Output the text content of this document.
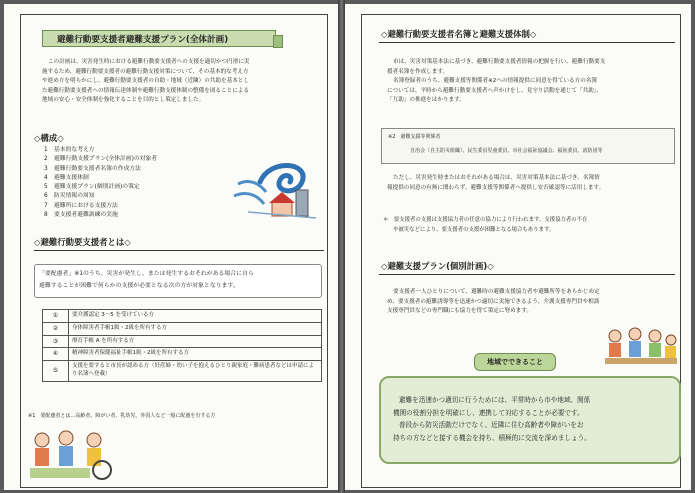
避難行動要支援者避難支援プラン(全体計画)

この計画は、災害発生時における避難行動要支援者への支援を適切かつ円滑に実

施するため、避難行動要支援者の避難行動支援対策について、その基本的な考え方

や進め方を明らかにし、避難行動要支援者の自助・地域（近隣）の共助を基本とし

た避難行動要支援者への情報伝達体制や避難行動支援体制の整備を図ることによる

地域の安心・安全体制を強化することを目的とし策定しました。

◇構成◇
1 基本的な考え方
2 避難行動支援プラン(全体計画)の対象者
3 避難行動要支援者名簿の作成方法
4 避難支援体制
5 避難支援プラン(個別計画)の策定
6 防災情報の周知
7 避難所における支援方法
8 要支援者避難訓練の実施
◇避難行動要支援者とは◇

「要配慮者」※1のうち、災害が発生し、または発生するおそれがある場合に自ら

避難することが困難で何らかの支援が必要となる次の方が対象となります。

①	要介護認定 3～5 を受けている方
②	身体障害者手帳1級・2級を所有する方
③	療育手帳 A を所有する方
④	精神障害者保健福祉手帳1級・2級を所有する方
⑤	支援を要すると市長が認める方（妊産婦・幼い子を抱えるひとり親家庭・難病患者などは申請により名簿へ登載）
※1　要配慮者とは…高齢者、障がい者、乳幼児、外国人など一般に配慮を有する方
◇避難行動要支援者名簿と避難支援体制◇

市は、災害対策基本法に基づき、避難行動要支援者情報の把握を行い、避難行動要支

援者名簿を作成します。

名簿登録者のうち、避難支援等関係者※2への情報提供に同意を得ている方の名簿

については、平時から避難行動要支援者へ声かけをし、見守り活動を通じて「共助」、

「互助」の推進をはかります。

※2　避難支援等関係者
自治会（自主防災組織）、民生委員児童委員、市社会福祉協議会、福祉委員、消防団等

ただし、災害発生時またはおそれがある場合は、災害対策基本法に基づき、名簿情

報提供の同意の有無に関わらず、避難支援等関係者へ提供し安否確認等に活用します。

＊　要支援者の支援は支援協力者の任意の協力により行われます。支援協力者の不在

や被災などにより、要支援者の支援が困難となる場合もあります。

◇避難支援プラン(個別計画)◇

要支援者一人ひとりについて、避難時の避難支援協力者や避難所等をあらかじめ定

め、要支援者の避難誘導等を迅速かつ適切に実施できるよう、介護支援専門員や相談

支援専門員などの専門職にも協力を得て策定に努めます。

避難を迅速かつ適切に行うためには、平常時から市や地域、関係

機関の役割分担を明確にし、連携して対応することが必要です。

普段から防災活動だけでなく、近隣に住む高齢者や障がいをお

持ちの方などと接する機会を持ち、積極的に交流を深めましょう。

地域でできること
